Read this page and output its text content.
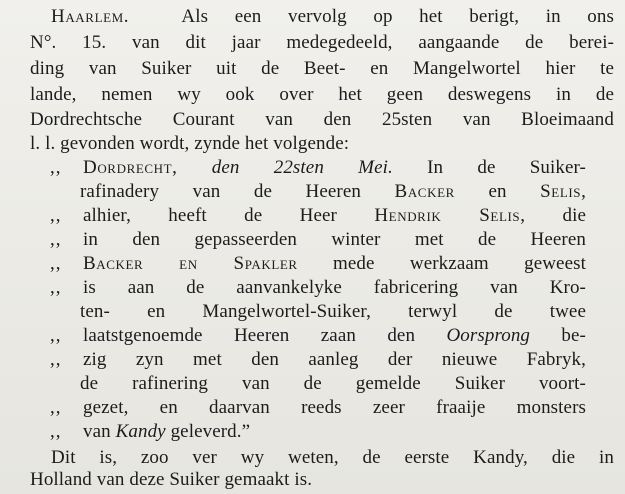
Haarlem.	Als een vervolg op het berigt, in ons

N°. 15. van dit jaar medegedeeld, aangaande de berei-

ding van Suiker uit de Beet- en Mangelwortel hier te

lande, nemen wy ook over het geen deswegens in de

Dordrechtsche Courant van den 25sten van Bloeimaand

l. l. gevonden wordt, zynde het volgende:

,, Dordrecht, den 22sten Mei. In de Suiker-

rafinadery van de Heeren Backer en Selis,

,, alhier, heeft de Heer Hendrik Selis, die

,, in den gepasseerden winter met de Heeren

,, Backer en Spakler mede werkzaam geweest

,, is aan de aanvankelyke fabricering van Kro-

ten- en Mangelwortel-Suiker, terwyl de twee

,, laatstgenoemde Heeren zaan den Oorsprong be-

,, zig zyn met den aanleg der nieuwe Fabryk,

de rafinering van de gemelde Suiker voort-

,, gezet, en daarvan reeds zeer fraaije monsters

,, van Kandy geleverd.”

Dit is, zoo ver wy weten, de eerste Kandy, die in

Holland van deze Suiker gemaakt is.
